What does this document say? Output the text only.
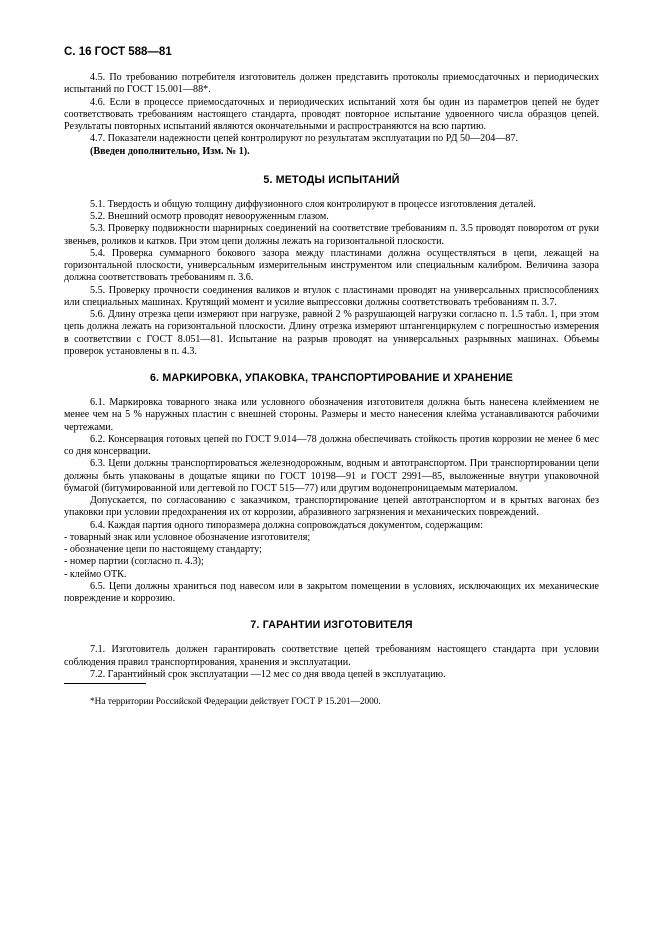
С. 16 ГОСТ 588—81

4.5. По требованию потребителя изготовитель должен представить протоколы приемосдаточных и периодических испытаний по ГОСТ 15.001—88*.

4.6. Если в процессе приемосдаточных и периодических испытаний хотя бы один из параметров цепей не будет соответствовать требованиям настоящего стандарта, проводят повторное испытание удвоенного числа образцов цепей. Результаты повторных испытаний являются окончательными и распространяются на всю партию.

4.7. Показатели надежности цепей контролируют по результатам эксплуатации по РД 50—204—87.

(Введен дополнительно, Изм. № 1).

5. МЕТОДЫ ИСПЫТАНИЙ

5.1. Твердость и общую толщину диффузионного слоя контролируют в процессе изготовления деталей.

5.2. Внешний осмотр проводят невооруженным глазом.

5.3. Проверку подвижности шарнирных соединений на соответствие требованиям п. 3.5 проводят поворотом от руки звеньев, роликов и катков. При этом цепи должны лежать на горизонтальной плоскости.

5.4. Проверка суммарного бокового зазора между пластинами должна осуществляться в цепи, лежащей на горизонтальной плоскости, универсальным измерительным инструментом или специальным калибром. Величина зазора должна соответствовать требованиям п. 3.6.

5.5. Проверку прочности соединения валиков и втулок с пластинами проводят на универсальных приспособлениях или специальных машинах. Крутящий момент и усилие выпрессовки должны соответствовать требованиям п. 3.7.

5.6. Длину отрезка цепи измеряют при нагрузке, равной 2 % разрушающей нагрузки согласно п. 1.5 табл. 1, при этом цепь должна лежать на горизонтальной плоскости. Длину отрезка измеряют штангенциркулем с погрешностью измерения в соответствии с ГОСТ 8.051—81. Испытание на разрыв проводят на универсальных разрывных машинах. Объемы проверок установлены в п. 4.3.

6. МАРКИРОВКА, УПАКОВКА, ТРАНСПОРТИРОВАНИЕ И ХРАНЕНИЕ

6.1. Маркировка товарного знака или условного обозначения изготовителя должна быть нанесена клеймением не менее чем на 5 % наружных пластин с внешней стороны. Размеры и место нанесения клейма устанавливаются рабочими чертежами.

6.2. Консервация готовых цепей по ГОСТ 9.014—78 должна обеспечивать стойкость против коррозии не менее 6 мес со дня консервации.

6.3. Цепи должны транспортироваться железнодорожным, водным и автотранспортом. При транспортировании цепи должны быть упакованы в дощатые ящики по ГОСТ 10198—91 и ГОСТ 2991—85, выложенные внутри упаковочной бумагой (битумированной или дегтевой по ГОСТ 515—77) или другим водонепроницаемым материалом.

Допускается, по согласованию с заказчиком, транспортирование цепей автотранспортом и в крытых вагонах без упаковки при условии предохранения их от коррозии, абразивного загрязнения и механических повреждений.

6.4. Каждая партия одного типоразмера должна сопровождаться документом, содержащим:

- товарный знак или условное обозначение изготовителя;

- обозначение цепи по настоящему стандарту;

- номер партии (согласно п. 4.3);

- клеймо ОТК.

6.5. Цепи должны храниться под навесом или в закрытом помещении в условиях, исключающих их механические повреждение и коррозию.

7. ГАРАНТИИ ИЗГОТОВИТЕЛЯ

7.1. Изготовитель должен гарантировать соответствие цепей требованиям настоящего стандарта при условии соблюдения правил транспортирования, хранения и эксплуатации.

7.2. Гарантийный срок эксплуатации —12 мес со дня ввода цепей в эксплуатацию.

*На территории Российской Федерации действует ГОСТ Р 15.201—2000.
